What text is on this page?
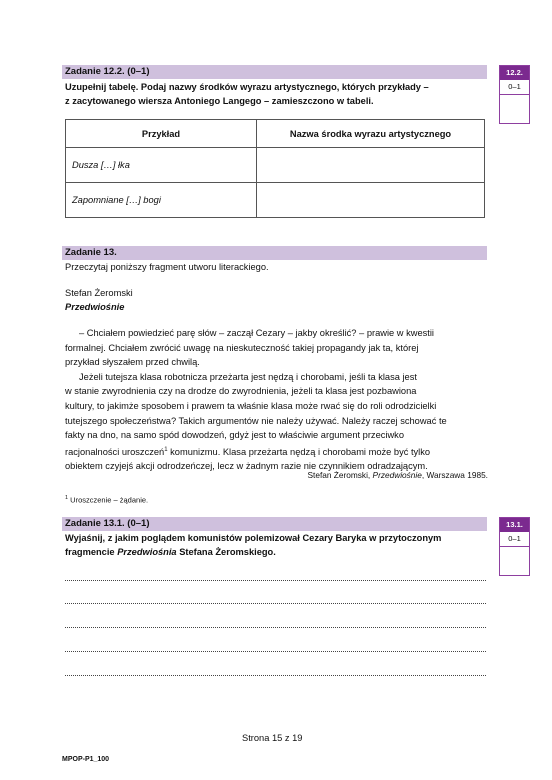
Zadanie 12.2. (0–1)
Uzupełnij tabelę. Podaj nazwy środków wyrazu artystycznego, których przykłady –
z zacytowanego wiersza Antoniego Langego – zamieszczono w tabeli.
12.2.
0–1
Przykład	Nazwa środka wyrazu artystycznego
Dusza […] łka	
Zapomniane […] bogi	
Zadanie 13.
Przeczytaj poniższy fragment utworu literackiego.
Stefan Żeromski
Przedwiośnie

– Chciałem powiedzieć parę słów – zaczął Cezary – jakby określić? – prawie w kwestii

formalnej. Chciałem zwrócić uwagę na nieskuteczność takiej propagandy jak ta, której

przykład słyszałem przed chwilą.

Jeżeli tutejsza klasa robotnicza przeżarta jest nędzą i chorobami, jeśli ta klasa jest

w stanie zwyrodnienia czy na drodze do zwyrodnienia, jeżeli ta klasa jest pozbawiona

kultury, to jakimże sposobem i prawem ta właśnie klasa może rwać się do roli odrodzicielki

tutejszego społeczeństwa? Takich argumentów nie należy używać. Należy raczej schować te

fakty na dno, na samo spód dowodzeń, gdyż jest to właściwie argument przeciwko

racjonalności uroszczeń$^1$ komunizmu. Klasa przeżarta nędzą i chorobami może być tylko

obiektem czyjejś akcji odrodzeńczej, lecz w żadnym razie nie czynnikiem odradzającym.

Stefan Żeromski, Przedwiośnie, Warszawa 1985.
$^1$ Uroszczenie – żądanie.
Zadanie 13.1. (0–1)
Wyjaśnij, z jakim poglądem komunistów polemizował Cezary Baryka w przytoczonym
fragmencie Przedwiośnia Stefana Żeromskiego.
13.1.
0–1
Strona 15 z 19
MPOP-P1_100
